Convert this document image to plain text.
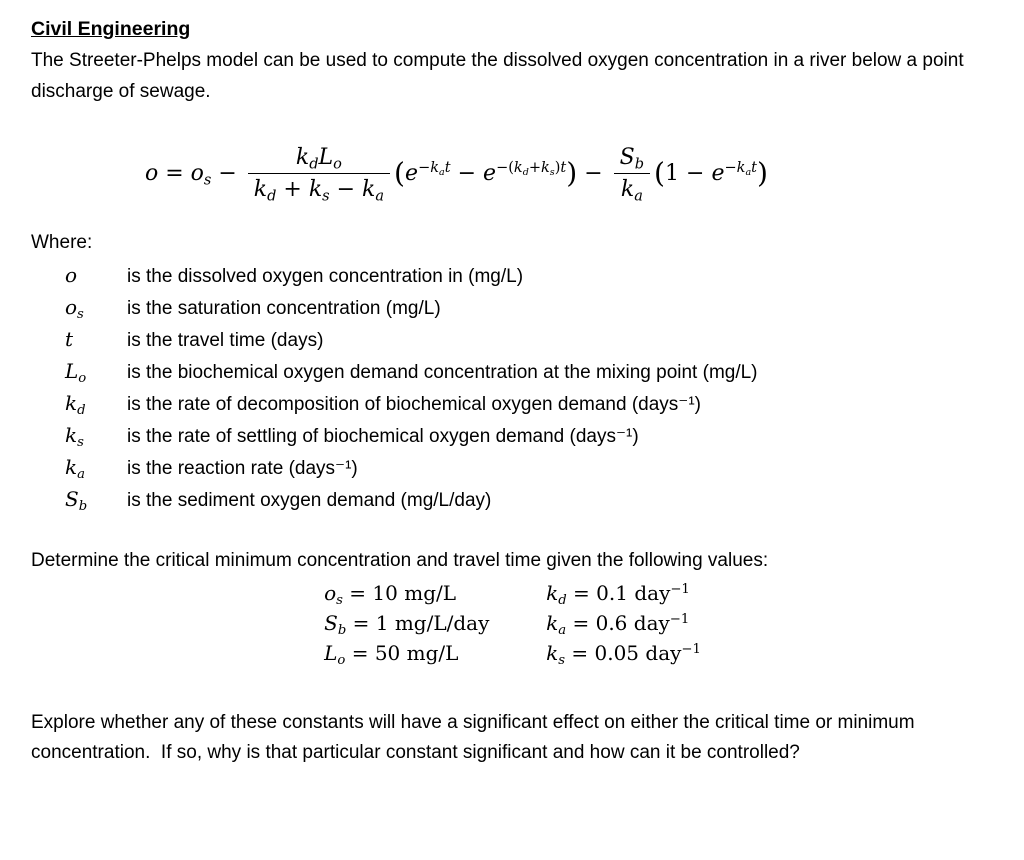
Civil Engineering

The Streeter-Phelps model can be used to compute the dissolved oxygen concentration in a river below a point discharge of sewage.

$o = o_s - \frac{k_dL_o}{k_d + k_s - k_a} (e^{-k_at} - e^{-(k_d+k_s)t}) - \frac{S_b}{k_a} (1 - e^{-k_at})$

Where:

o	is the dissolved oxygen concentration in (mg/L)
$o_s$	is the saturation concentration (mg/L)
t	is the travel time (days)
$L_o$	is the biochemical oxygen demand concentration at the mixing point (mg/L)
$k_d$	is the rate of decomposition of biochemical oxygen demand (days⁻¹)
$k_s$	is the rate of settling of biochemical oxygen demand (days⁻¹)
$k_a$	is the reaction rate (days⁻¹)
$S_b$	is the sediment oxygen demand (mg/L/day)

Determine the critical minimum concentration and travel time given the following values:

$o_s = 10$ mg/L	$k_d = 0.1$ day$^{-1}$
$S_b = 1$ mg/L/day	$k_a = 0.6$ day$^{-1}$
$L_o = 50$ mg/L	$k_s = 0.05$ day$^{-1}$

Explore whether any of these constants will have a significant effect on either the critical time or minimum concentration.  If so, why is that particular constant significant and how can it be controlled?
